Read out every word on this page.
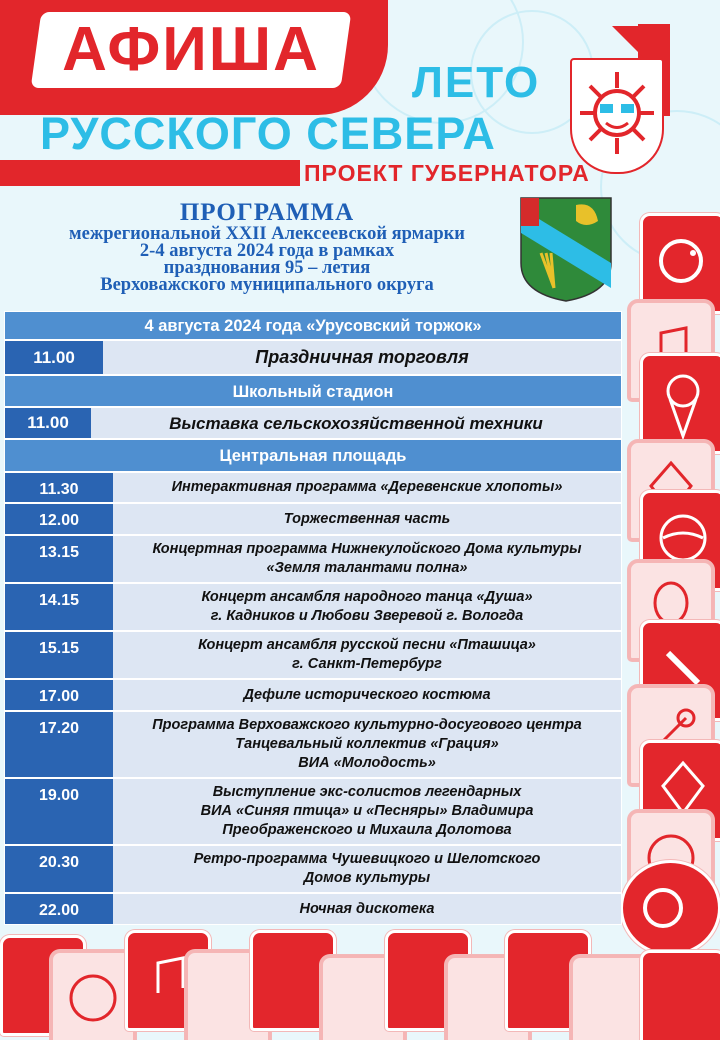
АФИША	ЛЕТО
РУССКОГО СЕВЕРА
ПРОЕКТ ГУБЕРНАТОРА
ПРОГРАММА
межрегиональной XXII Алексеевской ярмарки
2-4 августа 2024 года в рамках
празднования 95 – летия
Верховажского муниципального округа
4 августа 2024 года «Урусовский торжок»
11.00	Праздничная торговля
Школьный стадион
11.00	Выставка сельскохозяйственной техники
Центральная площадь
11.30	Интерактивная программа «Деревенские хлопоты»
12.00	Торжественная часть
13.15	Концертная программа Нижнекулойского Дома культуры
«Земля талантами полна»
14.15	Концерт ансамбля народного танца «Душа»
г. Кадников и Любови Зверевой г. Вологда
15.15	Концерт ансамбля русской песни «Пташица»
г. Санкт-Петербург
17.00	Дефиле исторического костюма
17.20	Программа Верховажского культурно-досугового центра
Танцевальный коллектив «Грация»
ВИА «Молодость»
19.00	Выступление экс-солистов легендарных
ВИА «Синяя птица» и «Песняры» Владимира
Преображенского и Михаила Долотова
20.30	Ретро-программа Чушевицкого и Шелотского
Домов культуры
22.00	Ночная дискотека
